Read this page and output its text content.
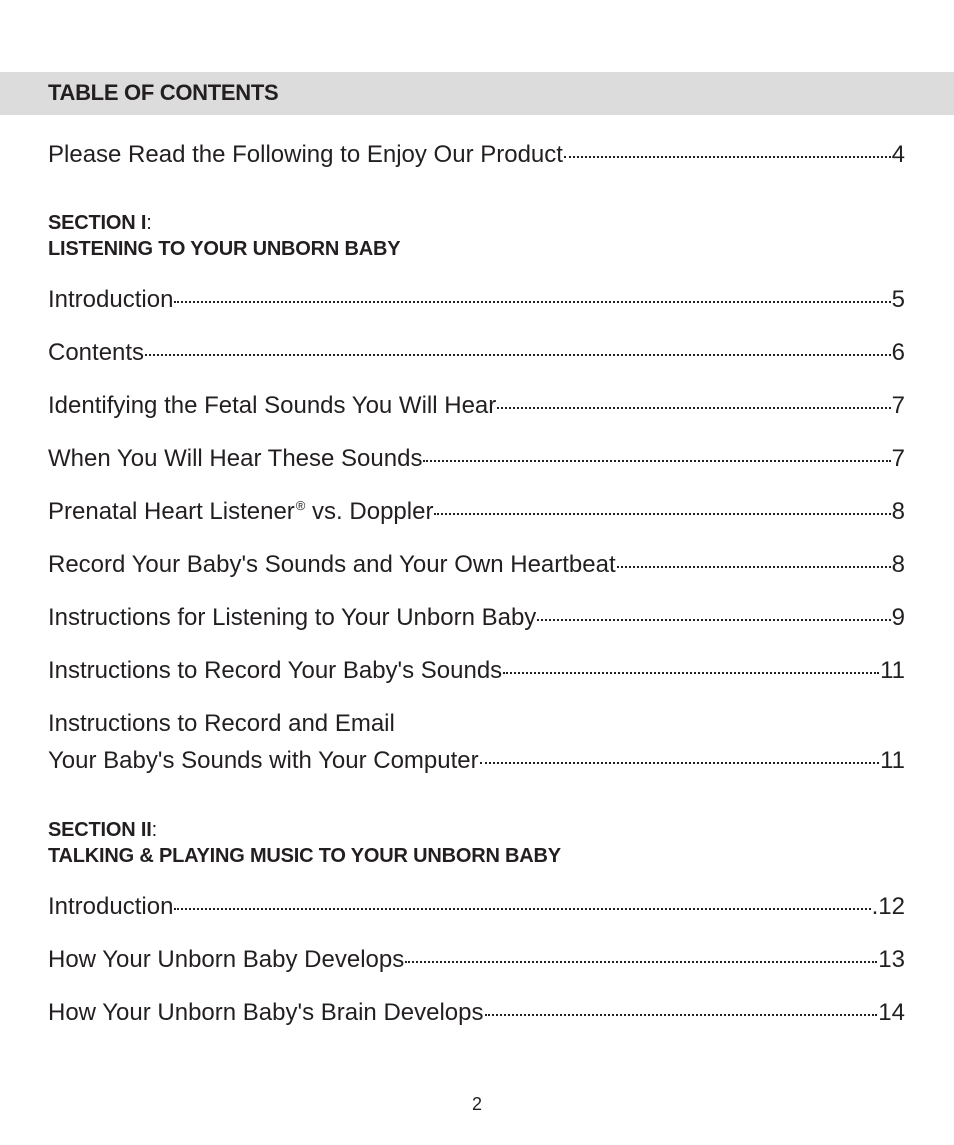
TABLE OF CONTENTS
Please Read the Following to Enjoy Our Product	4
SECTION I:
LISTENING TO YOUR UNBORN BABY
Introduction	5
Contents	6
Identifying the Fetal Sounds You Will Hear	7
When You Will Hear These Sounds	7
Prenatal Heart Listener® vs. Doppler	8
Record Your Baby's Sounds and Your Own Heartbeat	8
Instructions for Listening to Your Unborn Baby	9
Instructions to Record Your Baby's Sounds	11
Instructions to Record and Email
Your Baby's Sounds with Your Computer	11
SECTION II:
TALKING & PLAYING MUSIC TO YOUR UNBORN BABY
Introduction	.12
How Your Unborn Baby Develops	13
How Your Unborn Baby's Brain Develops	14
2
